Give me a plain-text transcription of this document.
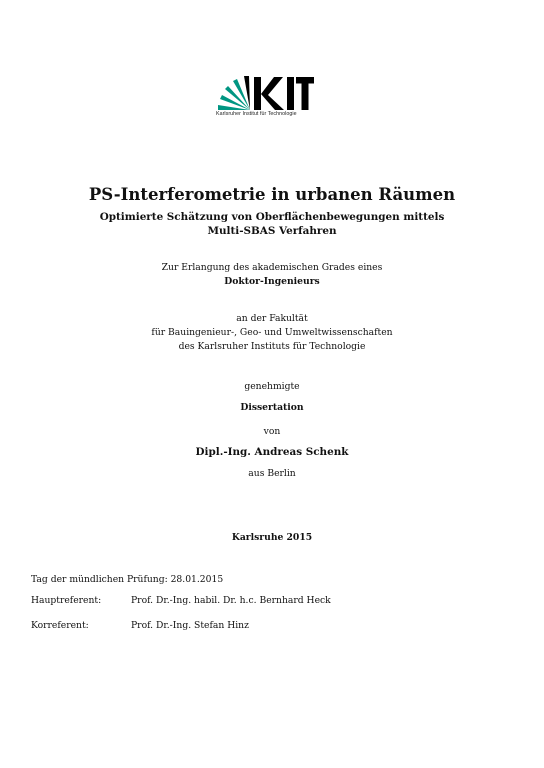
Karlsruher Institut für Technologie
PS-Interferometrie in urbanen Räumen
Optimierte Schätzung von Oberflächenbewegungen mittels
Multi-SBAS Verfahren
Zur Erlangung des akademischen Grades eines
Doktor-Ingenieurs
an der Fakultät
für Bauingenieur-, Geo- und Umweltwissenschaften
des Karlsruher Instituts für Technologie
genehmigte
Dissertation
von
Dipl.-Ing. Andreas Schenk
aus Berlin
Karlsruhe 2015
Tag der mündlichen Prüfung: 28.01.2015
Hauptreferent:	Prof. Dr.-Ing. habil. Dr. h.c. Bernhard Heck
Korreferent:	Prof. Dr.-Ing. Stefan Hinz
